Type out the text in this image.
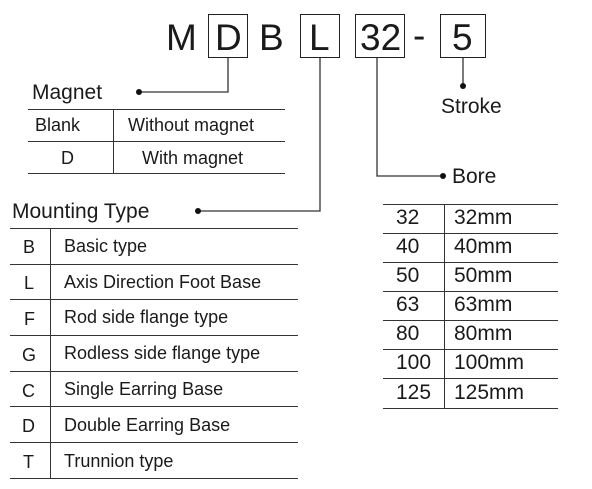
M D B L 32 - 5
Stroke
Magnet
Blank	Without magnet
D	With magnet
Mounting Type
B Basic type
L Axis Direction Foot Base
F Rod side flange type
G Rodless side flange type
C Single Earring Base
D Double Earring Base
T Trunnion type
Bore
32 32mm
40 40mm
50 50mm
63 63mm
80 80mm
100 100mm
125 125mm
